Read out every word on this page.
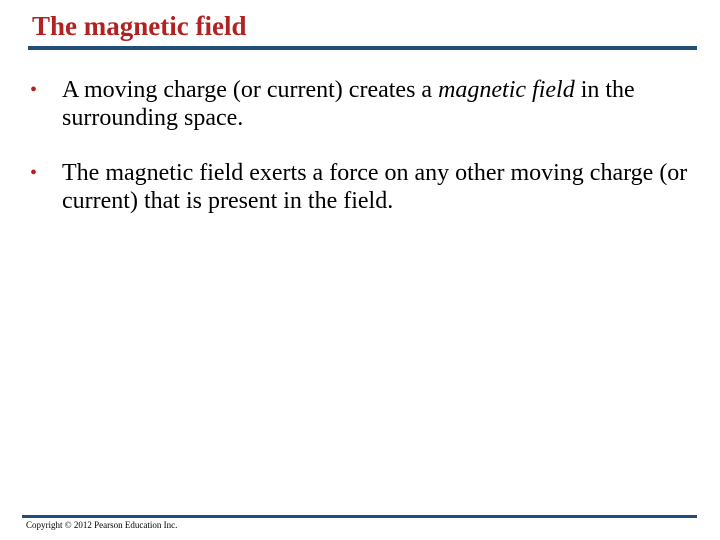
The magnetic field
• A moving charge (or current) creates a magnetic field in the surrounding space.
• The magnetic field exerts a force on any other moving charge (or current) that is present in the field.
Copyright © 2012 Pearson Education Inc.
